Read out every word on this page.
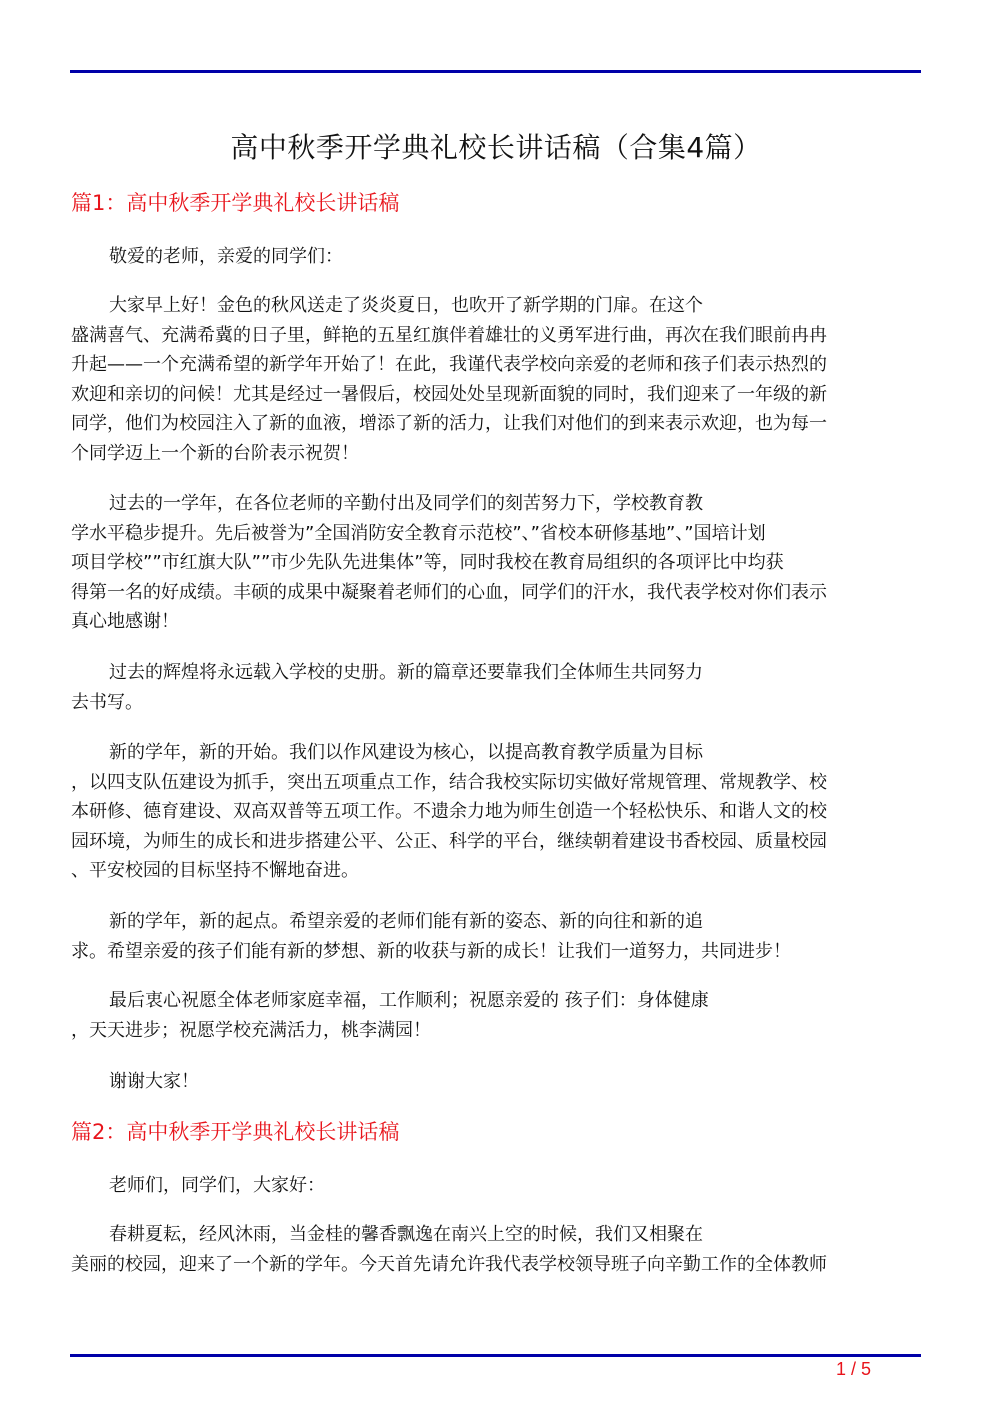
高中秋季开学典礼校长讲话稿（合集4篇）
篇1：高中秋季开学典礼校长讲话稿
敬爱的老师，亲爱的同学们：
大家早上好！金色的秋风送走了炎炎夏日，也吹开了新学期的门扉。在这个
盛满喜气、充满希冀的日子里，鲜艳的五星红旗伴着雄壮的义勇军进行曲，再次在我们眼前冉冉
升起——一个充满希望的新学年开始了！在此，我谨代表学校向亲爱的老师和孩子们表示热烈的
欢迎和亲切的问候！尤其是经过一暑假后，校园处处呈现新面貌的同时，我们迎来了一年级的新
同学，他们为校园注入了新的血液，增添了新的活力，让我们对他们的到来表示欢迎，也为每一
个同学迈上一个新的台阶表示祝贺！
过去的一学年，在各位老师的辛勤付出及同学们的刻苦努力下，学校教育教
学水平稳步提升。先后被誉为”全国消防安全教育示范校”、”省校本研修基地”、”国培计划
项目学校””市红旗大队””市少先队先进集体”等，同时我校在教育局组织的各项评比中均获
得第一名的好成绩。丰硕的成果中凝聚着老师们的心血，同学们的汗水，我代表学校对你们表示
真心地感谢！
过去的辉煌将永远载入学校的史册。新的篇章还要靠我们全体师生共同努力
去书写。
新的学年，新的开始。我们以作风建设为核心，以提高教育教学质量为目标
，以四支队伍建设为抓手，突出五项重点工作，结合我校实际切实做好常规管理、常规教学、校
本研修、德育建设、双高双普等五项工作。不遗余力地为师生创造一个轻松快乐、和谐人文的校
园环境，为师生的成长和进步搭建公平、公正、科学的平台，继续朝着建设书香校园、质量校园
、平安校园的目标坚持不懈地奋进。
新的学年，新的起点。希望亲爱的老师们能有新的姿态、新的向往和新的追
求。希望亲爱的孩子们能有新的梦想、新的收获与新的成长！让我们一道努力，共同进步！
最后衷心祝愿全体老师家庭幸福，工作顺利；祝愿亲爱的 孩子们：身体健康
，天天进步；祝愿学校充满活力，桃李满园！
谢谢大家！
篇2：高中秋季开学典礼校长讲话稿
老师们，同学们，大家好：
春耕夏耘，经风沐雨，当金桂的馨香飘逸在南兴上空的时候，我们又相聚在
美丽的校园，迎来了一个新的学年。今天首先请允许我代表学校领导班子向辛勤工作的全体教师
1 / 5
